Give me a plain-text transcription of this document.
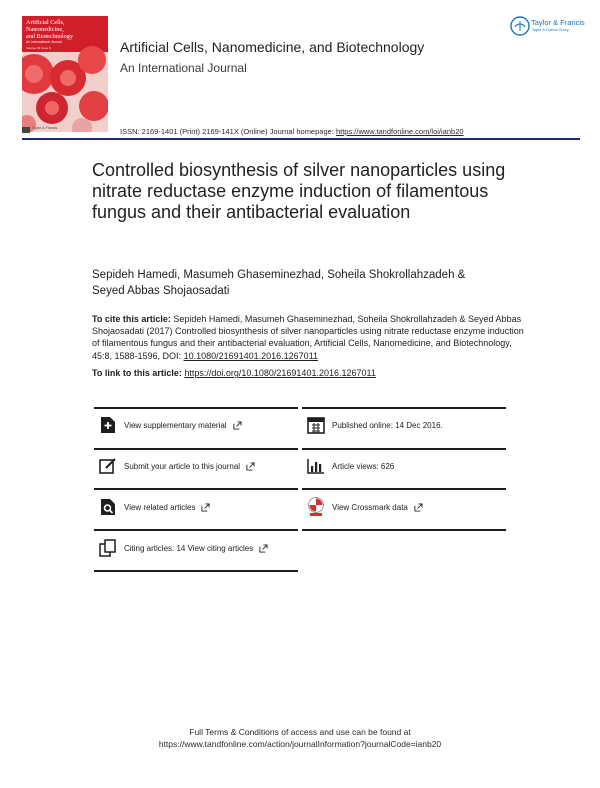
Artificial Cells,
Nanomedicine,
and Biotechnology
An International Journal
Volume 45 Issue 8
Taylor & Francis
Artificial Cells, Nanomedicine, and Biotechnology
An International Journal
Taylor & Francis
Taylor & Francis Group
ISSN: 2169-1401 (Print) 2169-141X (Online) Journal homepage: https://www.tandfonline.com/loi/ianb20
Controlled biosynthesis of silver nanoparticles using nitrate reductase enzyme induction of filamentous fungus and their antibacterial evaluation
Sepideh Hamedi, Masumeh Ghaseminezhad, Soheila Shokrollahzadeh &
Seyed Abbas Shojaosadati
To cite this article: Sepideh Hamedi, Masumeh Ghaseminezhad, Soheila Shokrollahzadeh & Seyed Abbas Shojaosadati (2017) Controlled biosynthesis of silver nanoparticles using nitrate reductase enzyme induction of filamentous fungus and their antibacterial evaluation, Artificial Cells, Nanomedicine, and Biotechnology, 45:8, 1588-1596, DOI: 10.1080/21691401.2016.1267011
To link to this article: https://doi.org/10.1080/21691401.2016.1267011
View supplementary material
Submit your article to this journal
View related articles
Citing articles: 14 View citing articles
Published online: 14 Dec 2016.
Article views: 626
View Crossmark data
Full Terms & Conditions of access and use can be found at
https://www.tandfonline.com/action/journalInformation?journalCode=ianb20
